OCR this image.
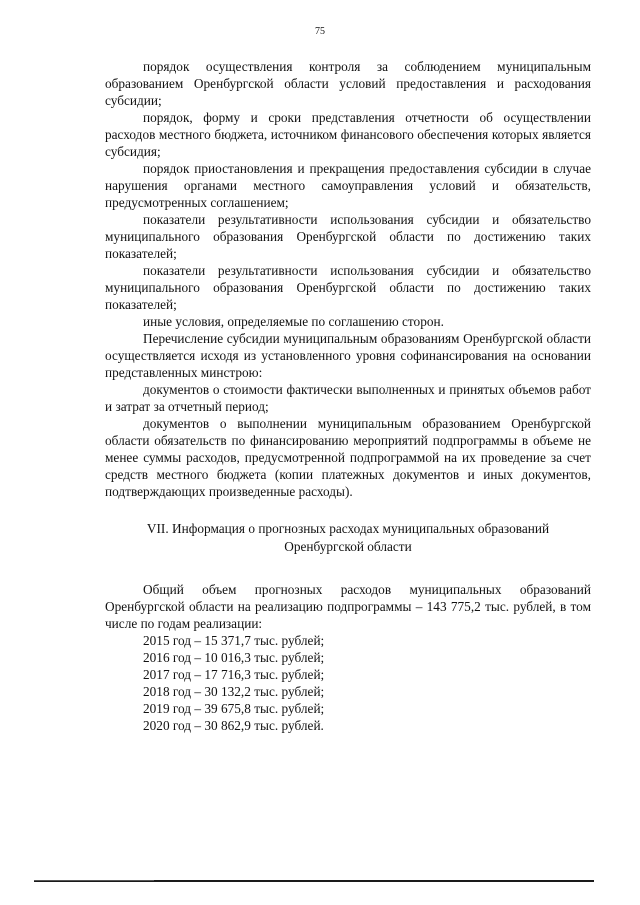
75

порядок осуществления контроля за соблюдением муниципальным образованием Оренбургской области условий предоставления и расходования субсидии;

порядок, форму и сроки представления отчетности об осуществлении расходов местного бюджета, источником финансового обеспечения которых является субсидия;

порядок приостановления и прекращения предоставления субсидии в случае нарушения органами местного самоуправления условий и обязательств, предусмотренных соглашением;

показатели результативности использования субсидии и обязательство муниципального образования Оренбургской области по достижению таких показателей;

показатели результативности использования субсидии и обязательство муниципального образования Оренбургской области по достижению таких показателей;

иные условия, определяемые по соглашению сторон.

Перечисление субсидии муниципальным образованиям Оренбургской области осуществляется исходя из установленного уровня софинансирования на основании представленных минстрою:

документов о стоимости фактически выполненных и принятых объемов работ и затрат за отчетный период;

документов о выполнении муниципальным образованием Оренбургской области обязательств по финансированию мероприятий подпрограммы в объеме не менее суммы расходов, предусмотренной подпрограммой на их проведение за счет средств местного бюджета (копии платежных документов и иных документов, подтверждающих произведенные расходы).

VII. Информация о прогнозных расходах муниципальных образований
Оренбургской области

Общий объем прогнозных расходов муниципальных образований Оренбургской области на реализацию подпрограммы – 143 775,2 тыс. рублей, в том числе по годам реализации:

2015 год – 15 371,7 тыс. рублей;
2016 год – 10 016,3 тыс. рублей;
2017 год – 17 716,3 тыс. рублей;
2018 год – 30 132,2 тыс. рублей;
2019 год – 39 675,8 тыс. рублей;
2020 год – 30 862,9 тыс. рублей.
